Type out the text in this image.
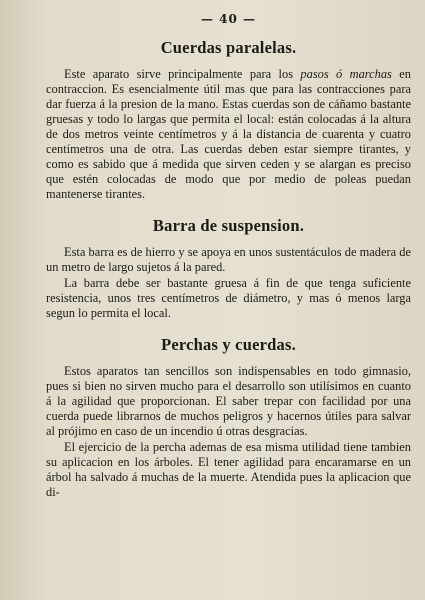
— 40 —
Cuerdas paralelas.

Este aparato sirve principalmente para los pasos ó marchas en contraccion. Es esencialmente útil mas que para las contracciones para dar fuerza á la presion de la mano. Estas cuerdas son de cáñamo bastante gruesas y todo lo largas que permita el local: están colocadas á la altura de dos metros veinte centímetros y á la distancia de cuarenta y cuatro centímetros una de otra. Las cuerdas deben estar siempre tirantes, y como es sabido que á medida que sirven ceden y se alargan es preciso que estén colocadas de modo que por medio de poleas puedan mantenerse tirantes.

Barra de suspension.

Esta barra es de hierro y se apoya en unos sustentáculos de madera de un metro de largo sujetos á la pared.

La barra debe ser bastante gruesa á fin de que tenga suficiente resistencia, unos tres centímetros de diámetro, y mas ó menos larga segun lo permita el local.

Perchas y cuerdas.

Estos aparatos tan sencillos son indispensables en todo gimnasio, pues si bien no sirven mucho para el desarrollo son utilísimos en cuanto á la agilidad que proporcionan. El saber trepar con facilidad por una cuerda puede librarnos de muchos peligros y hacernos útiles para salvar al prójimo en caso de un incendio ú otras desgracias.

El ejercicio de la percha ademas de esa misma utilidad tiene tambien su aplicacion en los árboles. El tener agilidad para encaramarse en un árbol ha salvado á muchas de la muerte. Atendida pues la aplicacion que di-
